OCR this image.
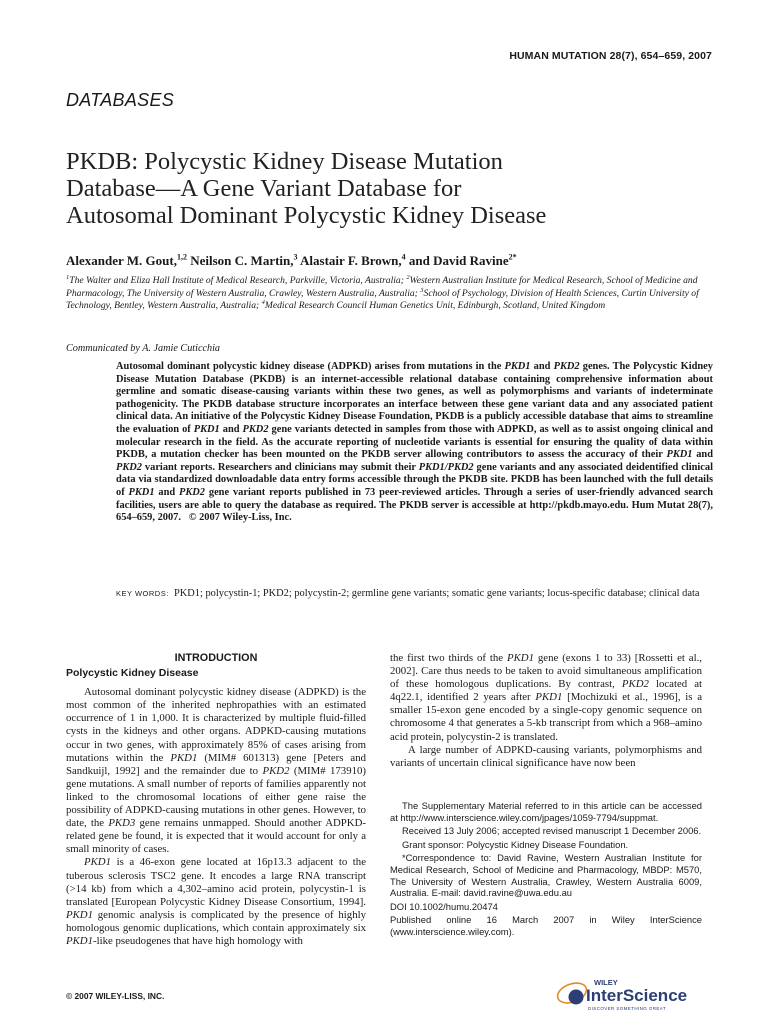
HUMAN MUTATION 28(7), 654–659, 2007
DATABASES
PKDB: Polycystic Kidney Disease Mutation
Database—A Gene Variant Database for
Autosomal Dominant Polycystic Kidney Disease
Alexander M. Gout,$^{1,2}$ Neilson C. Martin,$^3$ Alastair F. Brown,$^4$ and David Ravine$^{2*}$
$^1$The Walter and Eliza Hall Institute of Medical Research, Parkville, Victoria, Australia; $^2$Western Australian Institute for Medical Research, School of Medicine and Pharmacology, The University of Western Australia, Crawley, Western Australia, Australia; $^3$School of Psychology, Division of Health Sciences, Curtin University of Technology, Bentley, Western Australia, Australia; $^4$Medical Research Council Human Genetics Unit, Edinburgh, Scotland, United Kingdom
Communicated by A. Jamie Cuticchia
Autosomal dominant polycystic kidney disease (ADPKD) arises from mutations in the PKD1 and PKD2 genes. The Polycystic Kidney Disease Mutation Database (PKDB) is an internet-accessible relational database containing comprehensive information about germline and somatic disease-causing variants within these two genes, as well as polymorphisms and variants of indeterminate pathogenicity. The PKDB database structure incorporates an interface between these gene variant data and any associated patient clinical data. An initiative of the Polycystic Kidney Disease Foundation, PKDB is a publicly accessible database that aims to streamline the evaluation of PKD1 and PKD2 gene variants detected in samples from those with ADPKD, as well as to assist ongoing clinical and molecular research in the field. As the accurate reporting of nucleotide variants is essential for ensuring the quality of data within PKDB, a mutation checker has been mounted on the PKDB server allowing contributors to assess the accuracy of their PKD1 and PKD2 variant reports. Researchers and clinicians may submit their PKD1/PKD2 gene variants and any associated deidentified clinical data via standardized downloadable data entry forms accessible through the PKDB site. PKDB has been launched with the full details of PKD1 and PKD2 gene variant reports published in 73 peer-reviewed articles. Through a series of user-friendly advanced search facilities, users are able to query the database as required. The PKDB server is accessible at http://pkdb.mayo.edu. Hum Mutat 28(7), 654–659, 2007. © 2007 Wiley-Liss, Inc.
KEY WORDS: PKD1; polycystin-1; PKD2; polycystin-2; germline gene variants; somatic gene variants; locus-specific database; clinical data
INTRODUCTION
Polycystic Kidney Disease

Autosomal dominant polycystic kidney disease (ADPKD) is the most common of the inherited nephropathies with an estimated occurrence of 1 in 1,000. It is characterized by multiple fluid-filled cysts in the kidneys and other organs. ADPKD-causing mutations occur in two genes, with approximately 85% of cases arising from mutations within the PKD1 (MIM# 601313) gene [Peters and Sandkuijl, 1992] and the remainder due to PKD2 (MIM# 173910) gene mutations. A small number of reports of families apparently not linked to the chromosomal locations of either gene raise the possibility of ADPKD-causing mutations in other genes. However, to date, the PKD3 gene remains unmapped. Should another ADPKD-related gene be found, it is expected that it would account for only a small minority of cases.

PKD1 is a 46-exon gene located at 16p13.3 adjacent to the tuberous sclerosis TSC2 gene. It encodes a large RNA transcript (>14 kb) from which a 4,302–amino acid protein, polycystin-1 is translated [European Polycystic Kidney Disease Consortium, 1994]. PKD1 genomic analysis is complicated by the presence of highly homologous genomic duplications, which contain approximately six PKD1-like pseudogenes that have high homology with

the first two thirds of the PKD1 gene (exons 1 to 33) [Rossetti et al., 2002]. Care thus needs to be taken to avoid simultaneous amplification of these homologous duplications. By contrast, PKD2 located at 4q22.1, identified 2 years after PKD1 [Mochizuki et al., 1996], is a smaller 15-exon gene encoded by a single-copy genomic sequence on chromosome 4 that generates a 5-kb transcript from which a 968–amino acid protein, polycystin-2 is translated.

A large number of ADPKD-causing variants, polymorphisms and variants of uncertain clinical significance have now been

The Supplementary Material referred to in this article can be accessed at http://www.interscience.wiley.com/jpages/1059-7794/suppmat.

Received 13 July 2006; accepted revised manuscript 1 December 2006.

Grant sponsor: Polycystic Kidney Disease Foundation.

*Correspondence to: David Ravine, Western Australian Institute for Medical Research, School of Medicine and Pharmacology, MBDP: M570, The University of Western Australia, Crawley, Western Australia 6009, Australia. E-mail: david.ravine@uwa.edu.au

DOI 10.1002/humu.20474

Published online 16 March 2007 in Wiley InterScience (www.interscience.wiley.com).

© 2007 WILEY-LISS, INC.
WILEY
InterScience
DISCOVER SOMETHING GREAT
